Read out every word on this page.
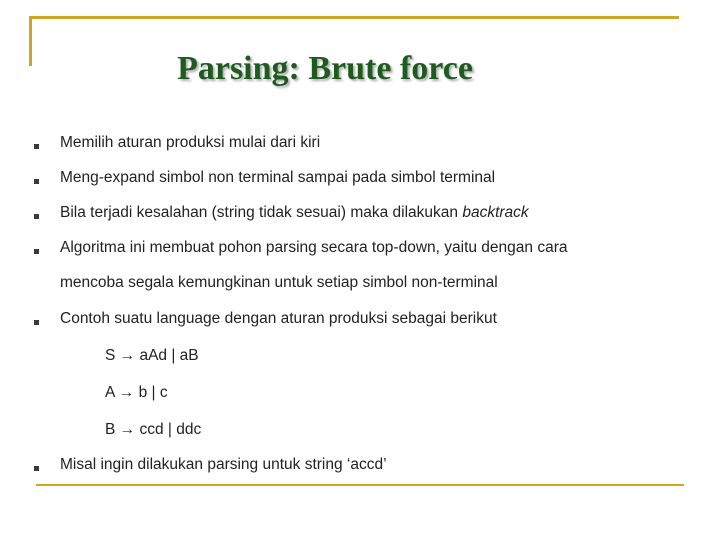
Parsing: Brute force
Memilih aturan produksi mulai dari kiri
Meng-expand simbol non terminal sampai pada simbol terminal
Bila terjadi kesalahan (string tidak sesuai) maka dilakukan backtrack
Algoritma ini membuat pohon parsing secara top-down, yaitu dengan cara
mencoba segala kemungkinan untuk setiap simbol non-terminal
Contoh suatu language dengan aturan produksi sebagai berikut
S → aAd | aB
A → b | c
B → ccd | ddc
Misal ingin dilakukan parsing untuk string ‘accd’
